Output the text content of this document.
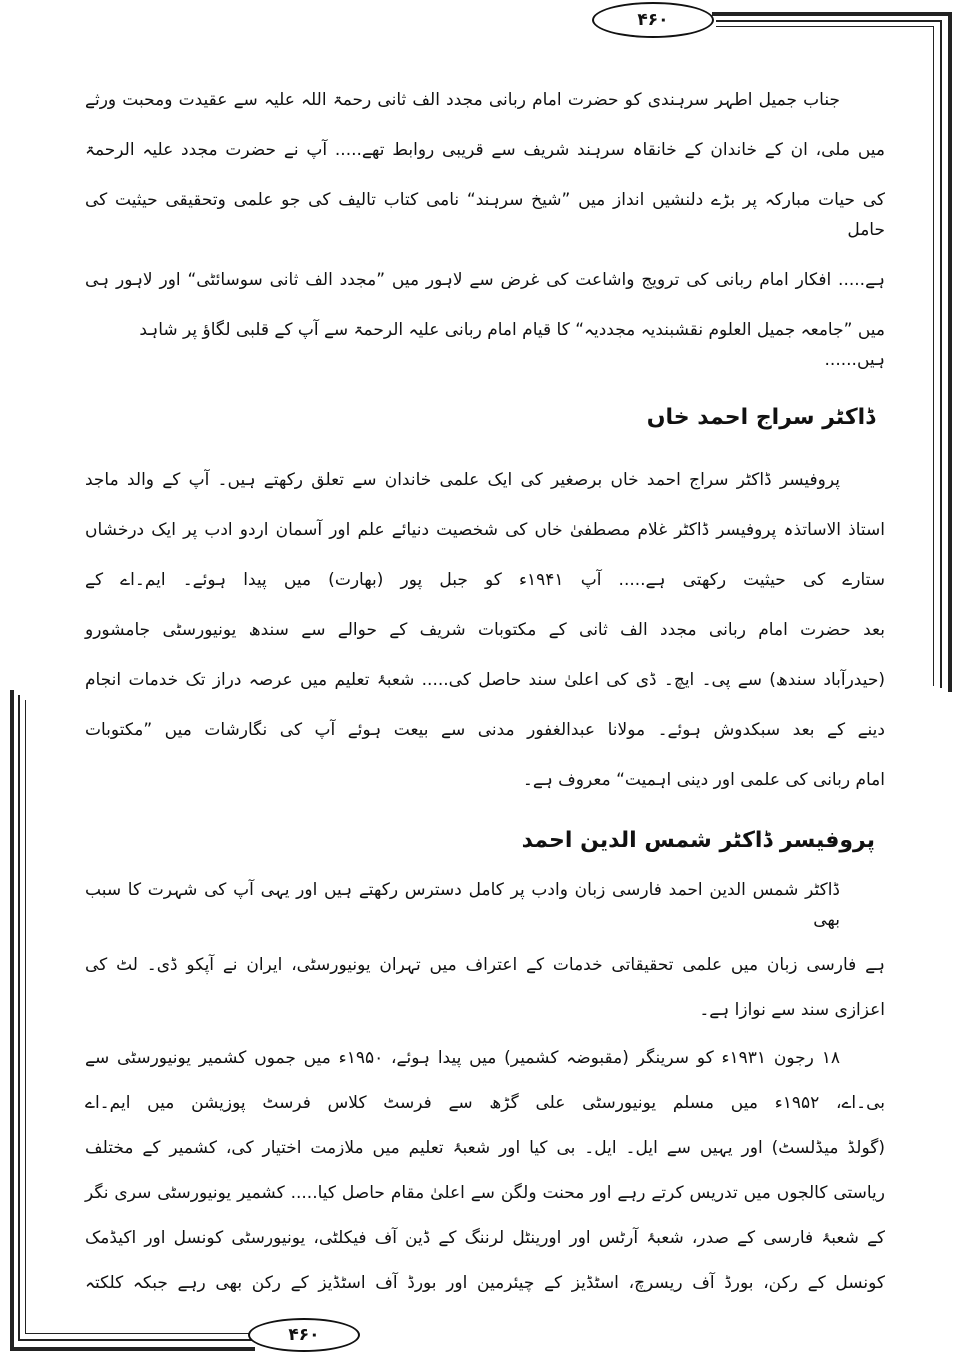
۴۶۰
۴۶۰
جناب جمیل اطہر سرہندی کو حضرت امام ربانی مجدد الف ثانی رحمۃ اللہ علیہ سے عقیدت ومحبت ورثے
میں ملی، ان کے خاندان کے خانقاہ سرہند شریف سے قریبی روابط تھے..... آپ نے حضرت مجدد علیہ الرحمۃ
کی حیات مبارکہ پر بڑے دلنشیں انداز میں ”شیخ سرہند“ نامی کتاب تالیف کی جو علمی وتحقیقی حیثیت کی حامل
ہے..... افکار امام ربانی کی ترویج واشاعت کی غرض سے لاہور میں ”مجدد الف ثانی سوسائٹی“ اور لاہور ہی
میں ”جامعہ جمیل العلوم نقشبندیہ مجددیہ“ کا قیام امام ربانی علیہ الرحمۃ سے آپ کے قلبی لگاؤ پر شاہد ہیں......
ڈاکٹر سراج احمد خاں
پروفیسر ڈاکٹر سراج احمد خاں برصغیر کی ایک علمی خاندان سے تعلق رکھتے ہیں۔ آپ کے والد ماجد
استاذ الاساتذہ پروفیسر ڈاکٹر غلام مصطفیٰ خاں کی شخصیت دنیائے علم اور آسمان اردو ادب پر ایک درخشاں
ستارے کی حیثیت رکھتی ہے..... آپ ۱۹۴۱ء کو جبل پور (بھارت) میں پیدا ہوئے۔ ایم۔اے کے
بعد حضرت امام ربانی مجدد الف ثانی کے مکتوبات شریف کے حوالے سے سندھ یونیورسٹی جامشورو
(حیدرآباد سندھ) سے پی۔ ایچ۔ ڈی کی اعلیٰ سند حاصل کی..... شعبۂ تعلیم میں عرصہ دراز تک خدمات انجام
دینے کے بعد سبکدوش ہوئے۔ مولانا عبدالغفور مدنی سے بیعت ہوئے آپ کی نگارشات میں ”مکتوبات
امام ربانی کی علمی اور دینی اہمیت“ معروف ہے۔
پروفیسر ڈاکٹر شمس الدین احمد
ڈاکٹر شمس الدین احمد فارسی زبان وادب پر کامل دسترس رکھتے ہیں اور یہی آپ کی شہرت کا سبب بھی
ہے فارسی زبان میں علمی تحقیقاتی خدمات کے اعتراف میں تہران یونیورسٹی، ایران نے آپکو ڈی۔ لٹ کی
اعزازی سند سے نوازا ہے۔
۱۸ رجون ۱۹۳۱ء کو سرینگر (مقبوضہ کشمیر) میں پیدا ہوئے، ۱۹۵۰ء میں جموں کشمیر یونیورسٹی سے
بی۔اے، ۱۹۵۲ء میں مسلم یونیورسٹی علی گڑھ سے فرسٹ کلاس فرسٹ پوزیشن میں ایم۔اے
(گولڈ میڈلسٹ) اور یہیں سے ایل۔ ایل۔ بی کیا اور شعبۂ تعلیم میں ملازمت اختیار کی، کشمیر کے مختلف
ریاستی کالجوں میں تدریس کرتے رہے اور محنت ولگن سے اعلیٰ مقام حاصل کیا..... کشمیر یونیورسٹی سری نگر
کے شعبۂ فارسی کے صدر، شعبۂ آرٹس اور اورینٹل لرننگ کے ڈین آف فیکلٹی، یونیورسٹی کونسل اور اکیڈمک
کونسل کے رکن، بورڈ آف ریسرچ، اسٹڈیز کے چیئرمین اور بورڈ آف اسٹڈیز کے رکن بھی رہے جبکہ کلکتہ
